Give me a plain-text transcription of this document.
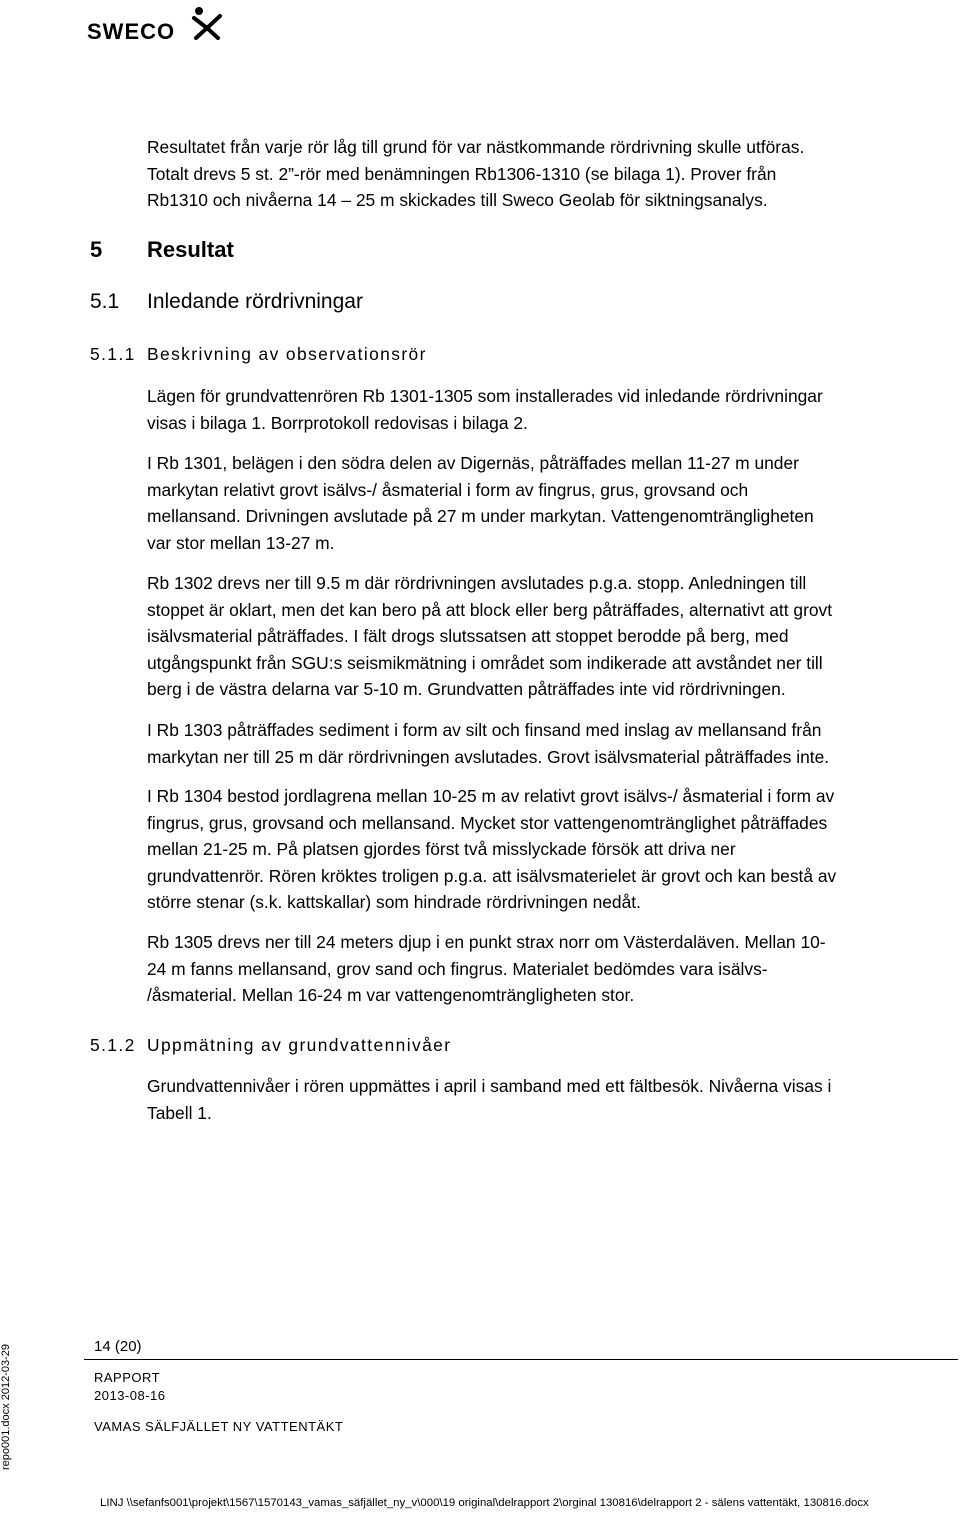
SWECO
Resultatet från varje rör låg till grund för var nästkommande rördrivning skulle utföras.
Totalt drevs 5 st. 2”-rör med benämningen Rb1306-1310 (se bilaga 1). Prover från
Rb1310 och nivåerna 14 – 25 m skickades till Sweco Geolab för siktningsanalys.
5 Resultat
5.1 Inledande rördrivningar
5.1.1 Beskrivning av observationsrör
Lägen för grundvattenrören Rb 1301-1305 som installerades vid inledande rördrivningar
visas i bilaga 1. Borrprotokoll redovisas i bilaga 2.
I Rb 1301, belägen i den södra delen av Digernäs, påträffades mellan 11-27 m under
markytan relativt grovt isälvs-/ åsmaterial i form av fingrus, grus, grovsand och
mellansand. Drivningen avslutade på 27 m under markytan. Vattengenomträngligheten
var stor mellan 13-27 m.
Rb 1302 drevs ner till 9.5 m där rördrivningen avslutades p.g.a. stopp. Anledningen till
stoppet är oklart, men det kan bero på att block eller berg påträffades, alternativt att grovt
isälvsmaterial påträffades. I fält drogs slutssatsen att stoppet berodde på berg, med
utgångspunkt från SGU:s seismikmätning i området som indikerade att avståndet ner till
berg i de västra delarna var 5-10 m. Grundvatten påträffades inte vid rördrivningen.
I Rb 1303 påträffades sediment i form av silt och finsand med inslag av mellansand från
markytan ner till 25 m där rördrivningen avslutades. Grovt isälvsmaterial påträffades inte.
I Rb 1304 bestod jordlagrena mellan 10-25 m av relativt grovt isälvs-/ åsmaterial i form av
fingrus, grus, grovsand och mellansand. Mycket stor vattengenomtränglighet påträffades
mellan 21-25 m. På platsen gjordes först två misslyckade försök att driva ner
grundvattenrör. Rören kröktes troligen p.g.a. att isälvsmaterielet är grovt och kan bestå av
större stenar (s.k. kattskallar) som hindrade rördrivningen nedåt.
Rb 1305 drevs ner till 24 meters djup i en punkt strax norr om Västerdaläven. Mellan 10-
24 m fanns mellansand, grov sand och fingrus. Materialet bedömdes vara isälvs-
/åsmaterial. Mellan 16-24 m var vattengenomträngligheten stor.
5.1.2 Uppmätning av grundvattennivåer
Grundvattennivåer i rören uppmättes i april i samband med ett fältbesök. Nivåerna visas i
Tabell 1.
14 (20)
RAPPORT
2013-08-16
VAMAS SÄLFJÄLLET NY VATTENTÄKT
repo001.docx 2012-03-29
LINJ \\sefanfs001\projekt\1567\1570143_vamas_säfjället_ny_v\000\19 original\delrapport 2\orginal 130816\delrapport 2 - sälens vattentäkt, 130816.docx
